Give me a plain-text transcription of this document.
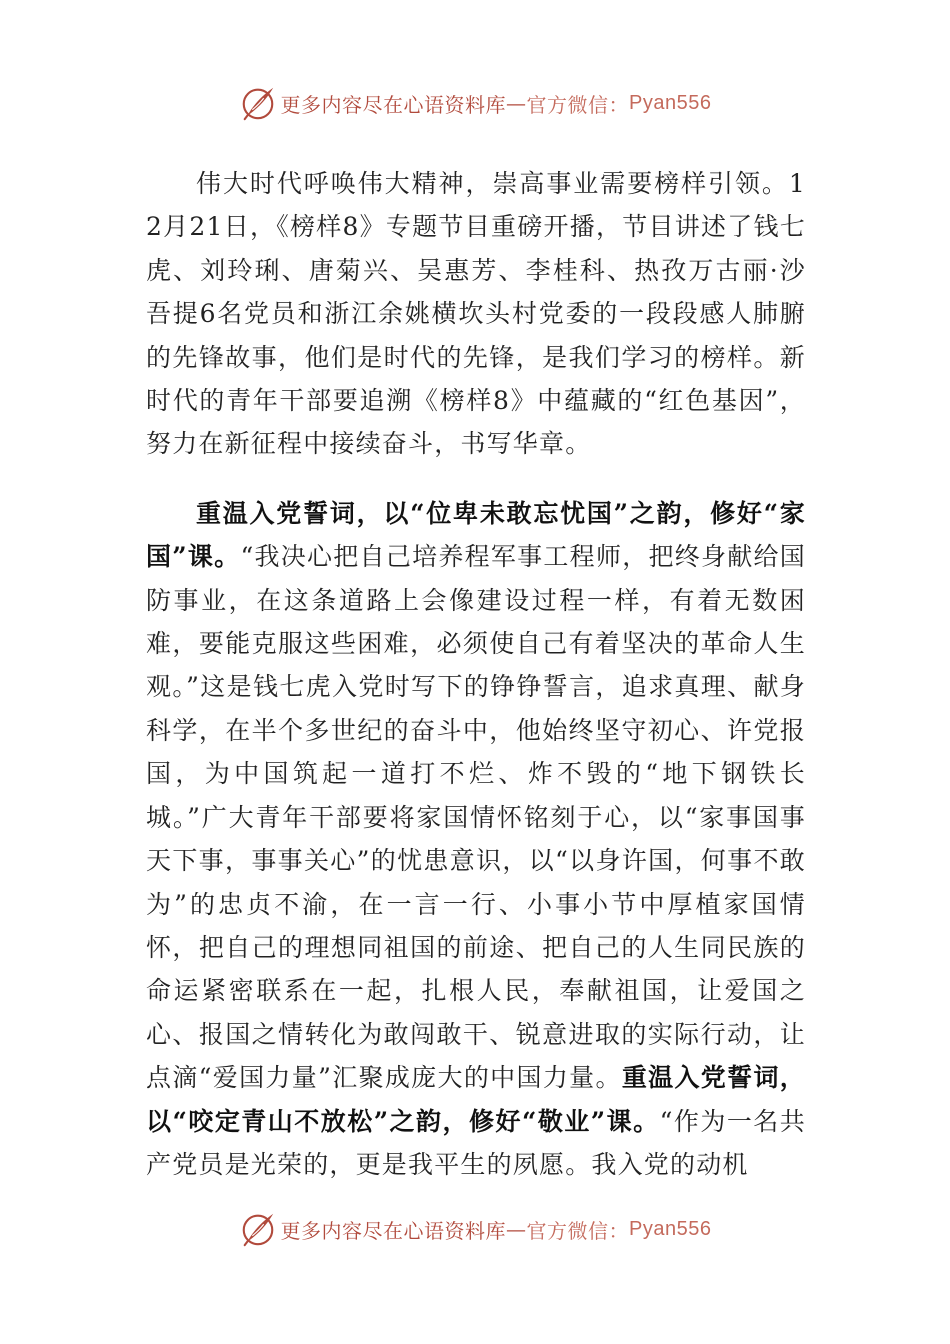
更多内容尽在心语资料库 — 官方微信： Pyan556

伟大时代呼唤伟大精神，崇高事业需要榜样引领。12月21日，《榜样8》专题节目重磅开播，节目讲述了钱七虎、刘玲琍、唐菊兴、吴惠芳、李桂科、热孜万古丽·沙吾提6名党员和浙江余姚横坎头村党委的一段段感人肺腑的先锋故事，他们是时代的先锋，是我们学习的榜样。新时代的青年干部要追溯《榜样8》中蕴藏的“红色基因”，努力在新征程中接续奋斗，书写华章。

重温入党誓词，以“位卑未敢忘忧国”之韵，修好“家国”课。“我决心把自己培养程军事工程师，把终身献给国防事业，在这条道路上会像建设过程一样，有着无数困难，要能克服这些困难，必须使自己有着坚决的革命人生观。”这是钱七虎入党时写下的铮铮誓言，追求真理、献身科学，在半个多世纪的奋斗中，他始终坚守初心、许党报国，为中国筑起一道打不烂、炸不毁的“地下钢铁长城。”广大青年干部要将家国情怀铭刻于心，以“家事国事天下事，事事关心”的忧患意识，以“以身许国，何事不敢为”的忠贞不渝，在一言一行、小事小节中厚植家国情怀，把自己的理想同祖国的前途、把自己的人生同民族的命运紧密联系在一起，扎根人民，奉献祖国，让爱国之心、报国之情转化为敢闯敢干、锐意进取的实际行动，让点滴“爱国力量”汇聚成庞大的中国力量。重温入党誓词，以“咬定青山不放松”之韵，修好“敬业”课。“作为一名共产党员是光荣的，更是我平生的夙愿。我入党的动机

更多内容尽在心语资料库 — 官方微信： Pyan556
